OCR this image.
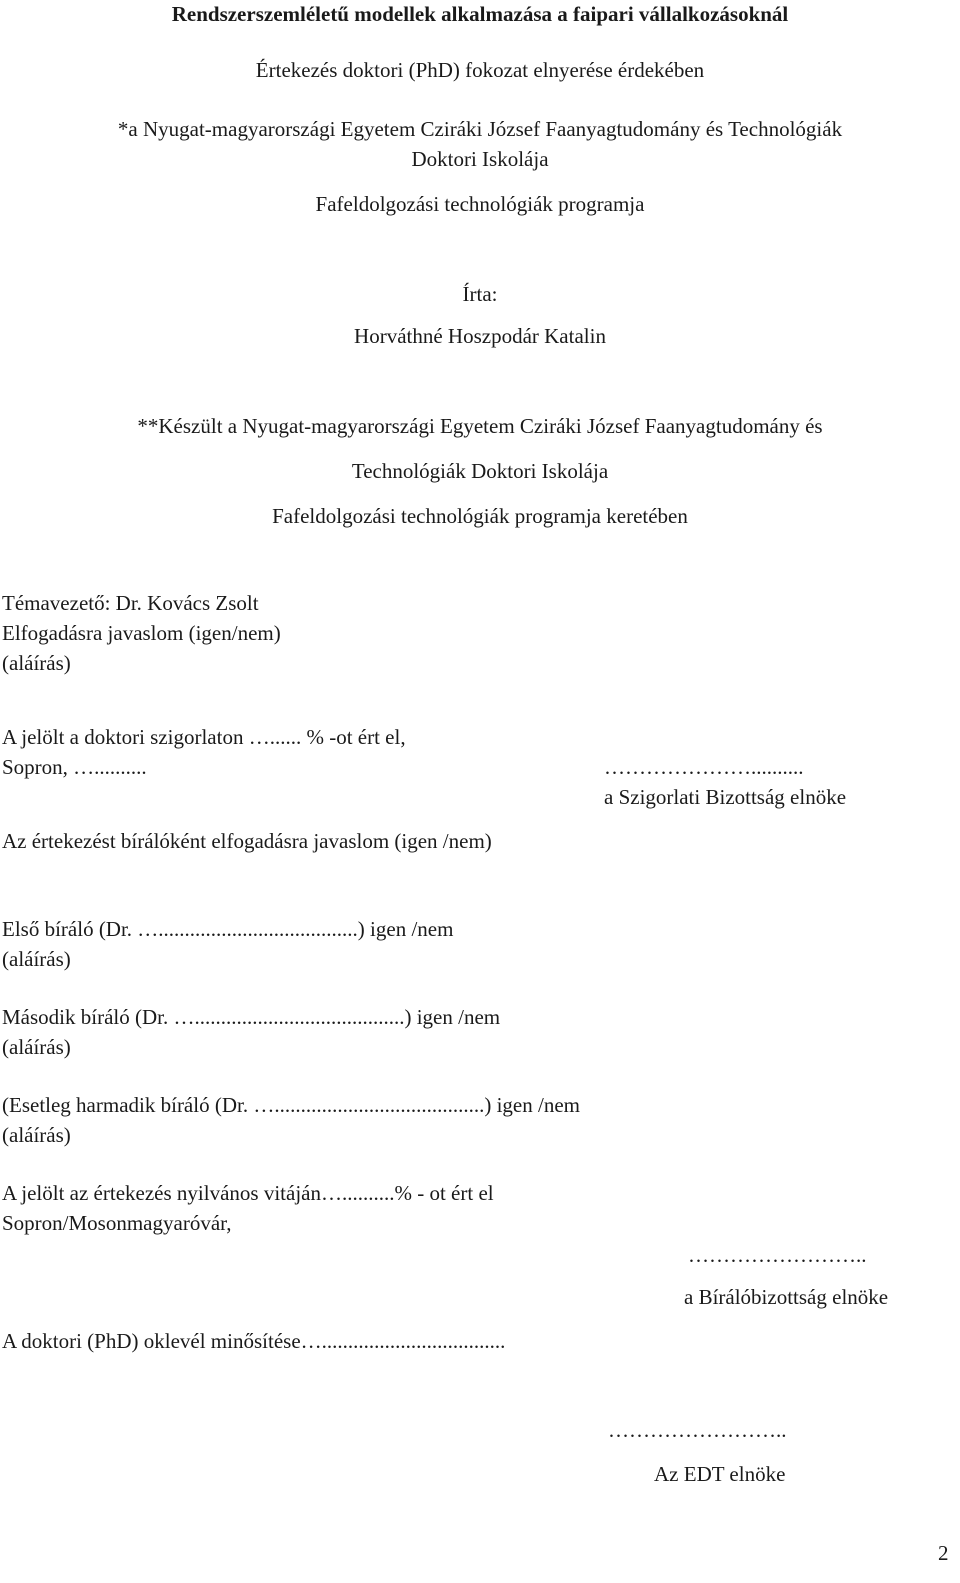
Rendszerszemléletű modellek alkalmazása a faipari vállalkozásoknál
Értekezés doktori (PhD) fokozat elnyerése érdekében
*a Nyugat-magyarországi Egyetem Cziráki József Faanyagtudomány és Technológiák
Doktori Iskolája
Fafeldolgozási technológiák programja
Írta:
Horváthné Hoszpodár Katalin
**Készült a Nyugat-magyarországi Egyetem Cziráki József Faanyagtudomány és
Technológiák Doktori Iskolája
Fafeldolgozási technológiák programja keretében
Témavezető: Dr. Kovács Zsolt
Elfogadásra javaslom (igen/nem)
(aláírás)
A jelölt a doktori szigorlaton …...... % -ot ért el,
Sopron, …..........	…………………..........
a Szigorlati Bizottság elnöke
Az értekezést bírálóként elfogadásra javaslom (igen /nem)
Első bíráló (Dr. …......................................) igen /nem
(aláírás)
Második bíráló (Dr. …........................................) igen /nem
(aláírás)
(Esetleg harmadik bíráló (Dr. …........................................) igen /nem
(aláírás)
A jelölt az értekezés nyilvános vitáján…..........% - ot ért el
Sopron/Mosonmagyaróvár,
……………………..
a Bírálóbizottság elnöke
A doktori (PhD) oklevél minősítése…...................................
……………………..
Az EDT elnöke
2
